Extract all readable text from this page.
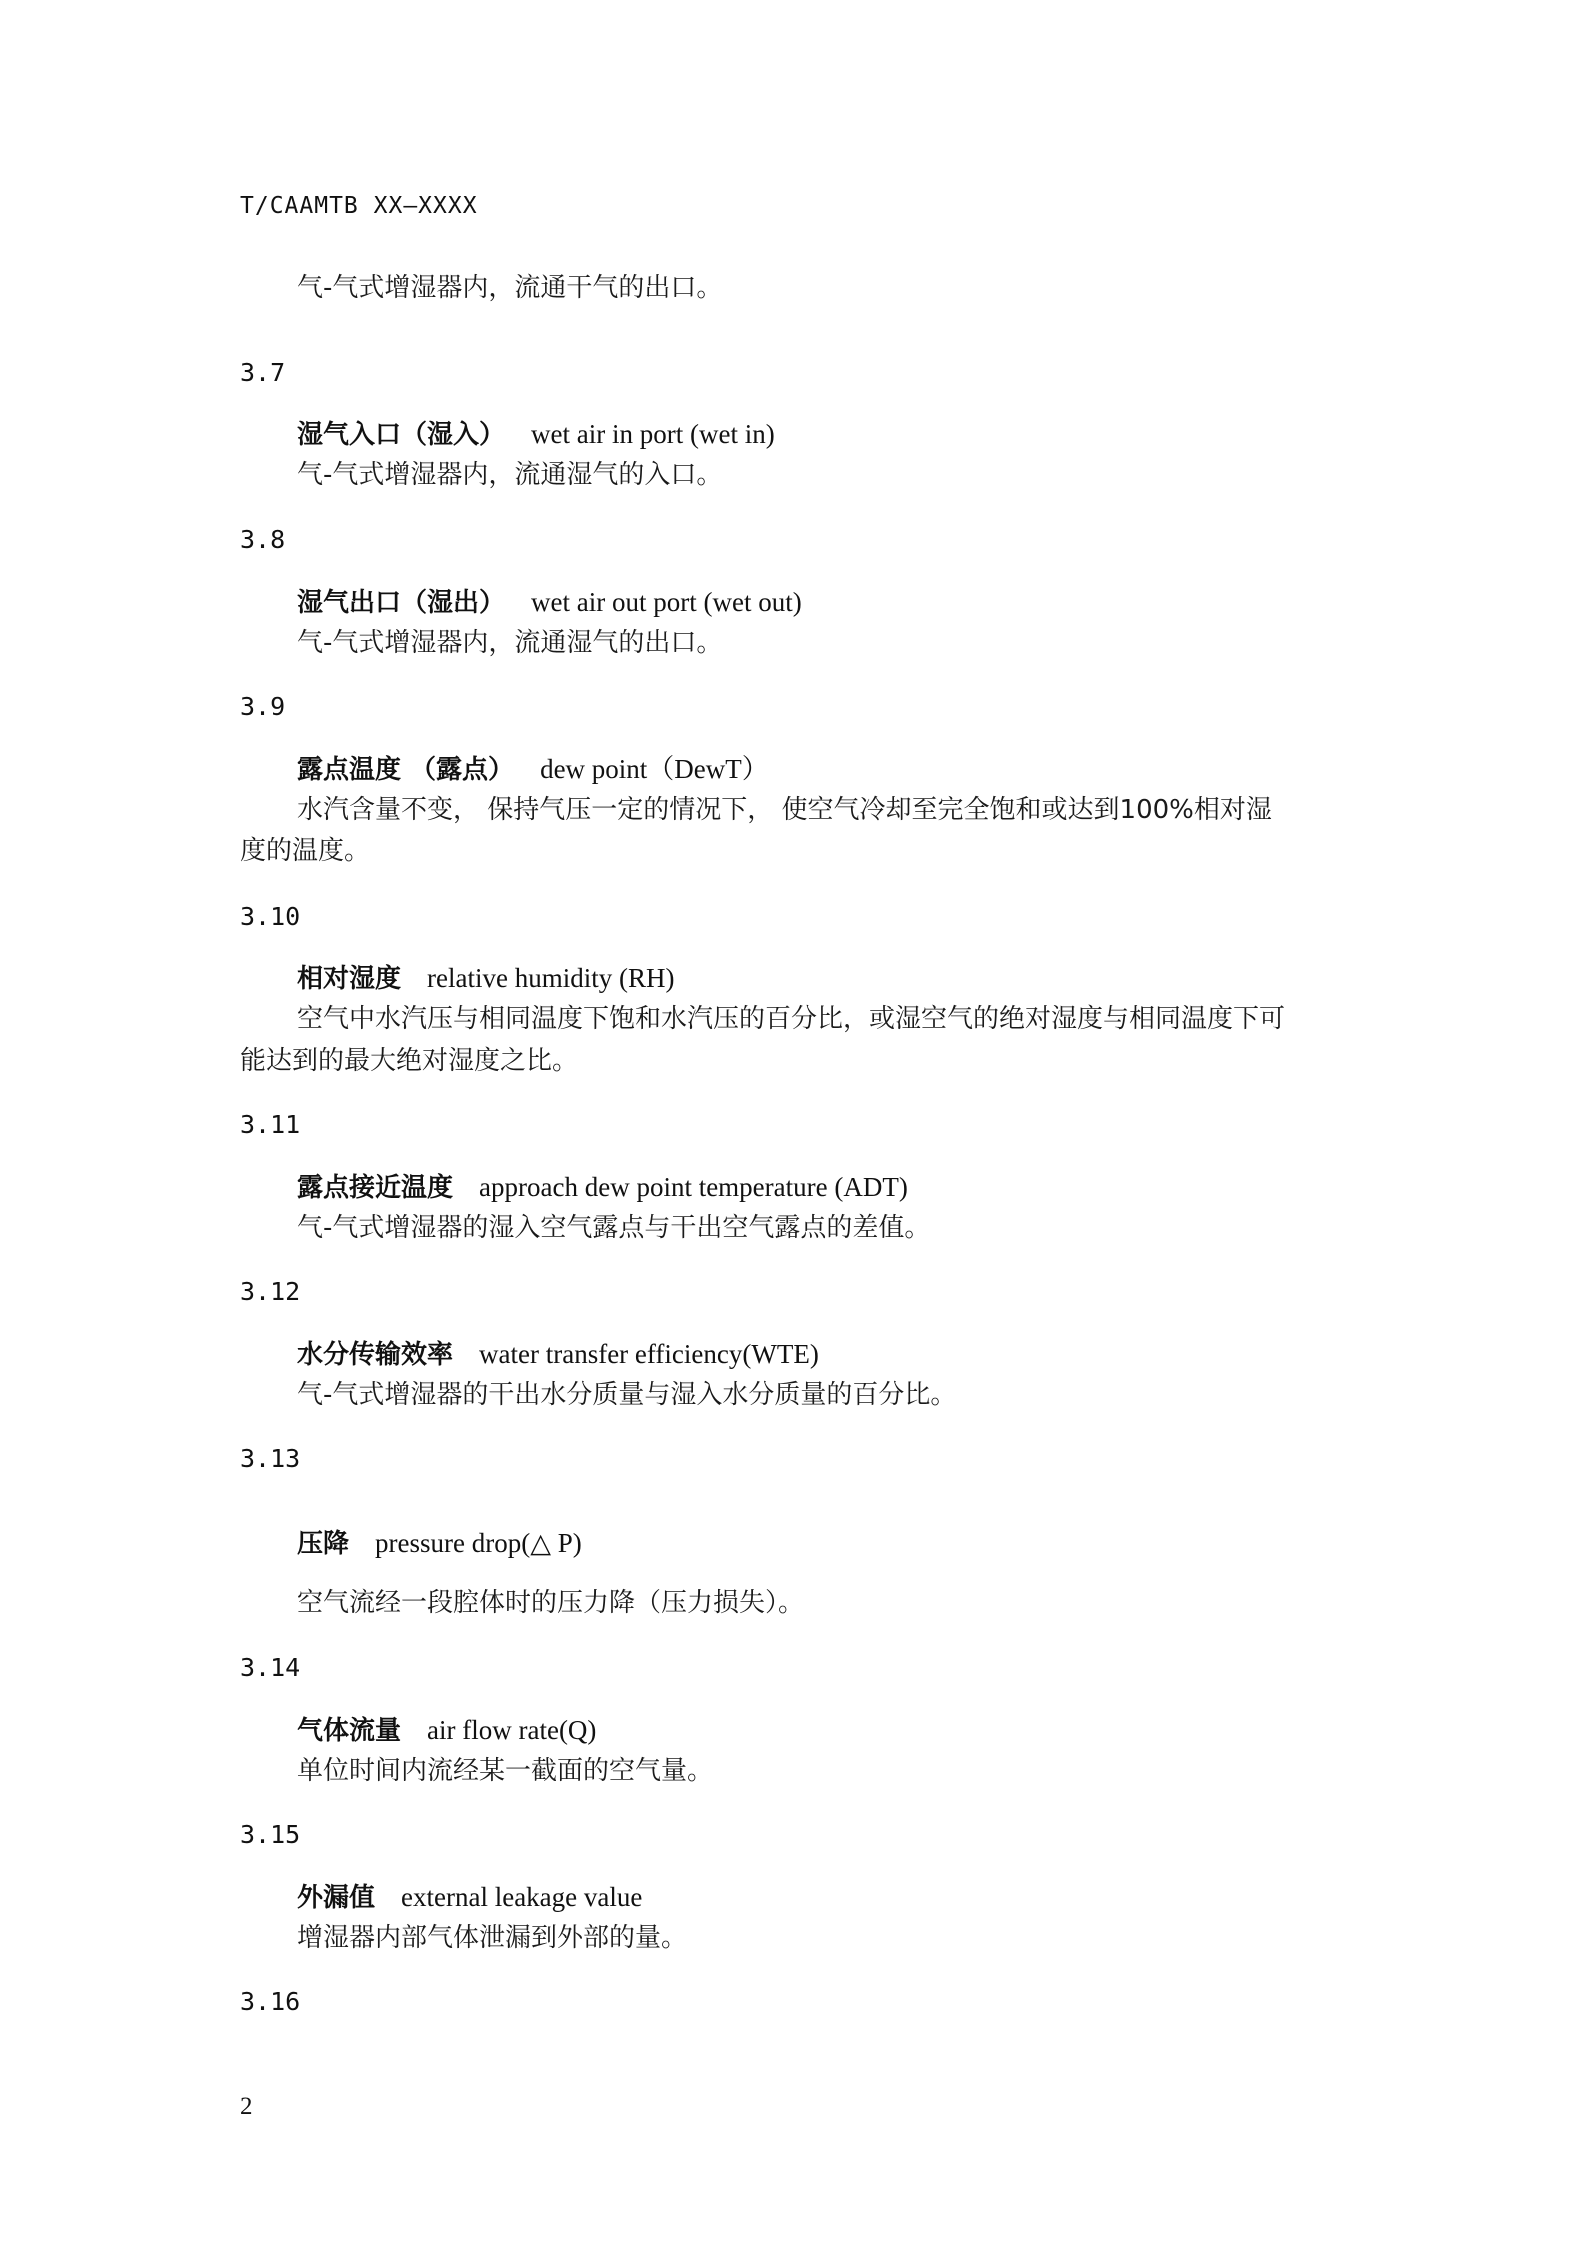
T/CAAMTB XX—XXXX
气-气式增湿器内，流通干气的出口。
3.7
湿气入口（湿入） wet air in port (wet in)
气-气式增湿器内，流通湿气的入口。
3.8
湿气出口（湿出） wet air out port (wet out)
气-气式增湿器内，流通湿气的出口。
3.9
露点温度 （露点） dew point（DewT）
水汽含量不变， 保持气压一定的情况下， 使空气冷却至完全饱和或达到100%相对湿
度的温度。
3.10
相对湿度 relative humidity (RH)
空气中水汽压与相同温度下饱和水汽压的百分比，或湿空气的绝对湿度与相同温度下可
能达到的最大绝对湿度之比。
3.11
露点接近温度 approach dew point temperature (ADT)
气-气式增湿器的湿入空气露点与干出空气露点的差值。
3.12
水分传输效率 water transfer efficiency(WTE)
气-气式增湿器的干出水分质量与湿入水分质量的百分比。
3.13
压降 pressure drop(△ P)
空气流经一段腔体时的压力降（压力损失）。
3.14
气体流量 air flow rate(Q)
单位时间内流经某一截面的空气量。
3.15
外漏值 external leakage value
增湿器内部气体泄漏到外部的量。
3.16
2
